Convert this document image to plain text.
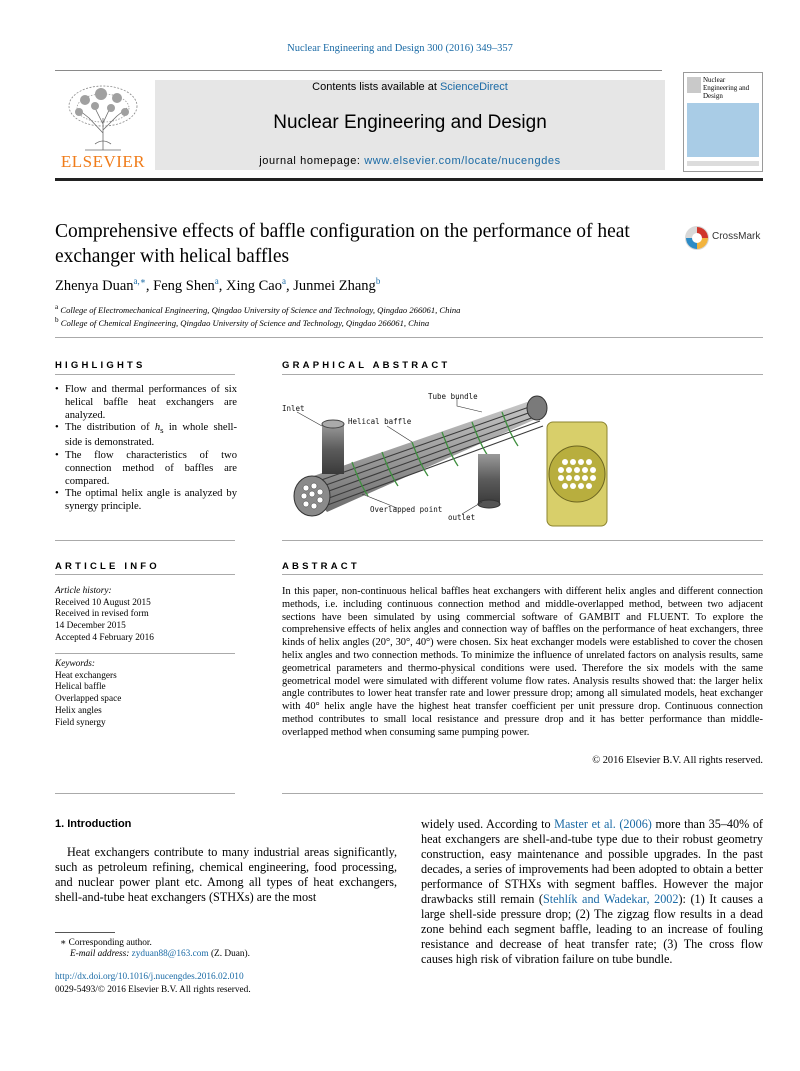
Nuclear Engineering and Design 300 (2016) 349–357
ELSEVIER
Contents lists available at ScienceDirect
Nuclear Engineering and Design
journal homepage: www.elsevier.com/locate/nucengdes
Nuclear Engineering and Design
Comprehensive effects of baffle configuration on the performance of heat exchanger with helical baffles
CrossMark
Zhenya Duan$^{a,∗}$, Feng Shen$^a$, Xing Cao$^a$, Junmei Zhang$^b$
$^a$ College of Electromechanical Engineering, Qingdao University of Science and Technology, Qingdao 266061, China
$^b$ College of Chemical Engineering, Qingdao University of Science and Technology, Qingdao 266061, China
HIGHLIGHTS	GRAPHICAL ABSTRACT
• Flow and thermal performances of six helical baffle heat exchangers are analyzed.
• The distribution of $h_s$ in whole shell-side is demonstrated.
• The flow characteristics of two connection method of baffles are compared.
• The optimal helix angle is analyzed by synergy principle.
Tube bundle
Inlet
Helical baffle
Overlapped point
outlet
ARTICLE INFO	ABSTRACT
Article history:
Received 10 August 2015
Received in revised form
14 December 2015
Accepted 4 February 2016
Keywords:
Heat exchangers
Helical baffle
Overlapped space
Helix angles
Field synergy
In this paper, non-continuous helical baffles heat exchangers with different helix angles and different connection methods, i.e. including continuous connection method and middle-overlapped method, between two adjacent sections have been simulated by using commercial software of GAMBIT and FLUENT. To explore the comprehensive effects of helix angles and connection way of baffles on the performance of heat exchangers, three kinds of helix angles (20°, 30°, 40°) were chosen. Six heat exchanger models were established to cover the chosen helix angles and two connection methods. To minimize the influence of unrelated factors on analysis results, same geometrical parameters and thermo-physical conditions were used. Therefore the six models with the same geometrical model were simulated with different volume flow rates. Analysis results showed that: the larger helix angle contributes to lower heat transfer rate and lower pressure drop; among all simulated models, heat exchanger with 40° helix angle have the highest heat transfer coefficient per unit pressure drop. Continuous connection method contributes to small local resistance and pressure drop and it has better performance than middle-overlapped method when consuming same pumping power.
© 2016 Elsevier B.V. All rights reserved.
1. Introduction
Heat exchangers contribute to many industrial areas significantly, such as petroleum refining, chemical engineering, food processing, and nuclear power plant etc. Among all types of heat exchangers, shell-and-tube heat exchangers (STHXs) are the most
widely used. According to Master et al. (2006) more than 35–40% of heat exchangers are shell-and-tube type due to their robust geometry construction, easy maintenance and possible upgrades. In the past decades, a series of improvements had been adopted to obtain a better performance of STHXs with segment baffles. However the major drawbacks still remain (Stehlík and Wadekar, 2002): (1) It causes a large shell-side pressure drop; (2) The zigzag flow results in a dead zone behind each segment baffle, leading to an increase of fouling resistance and decrease of heat transfer rate; (3) The cross flow causes high risk of vibration failure on tube bundle.
∗ Corresponding author.
E-mail address: zyduan88@163.com (Z. Duan).
http://dx.doi.org/10.1016/j.nucengdes.2016.02.010
0029-5493/© 2016 Elsevier B.V. All rights reserved.
